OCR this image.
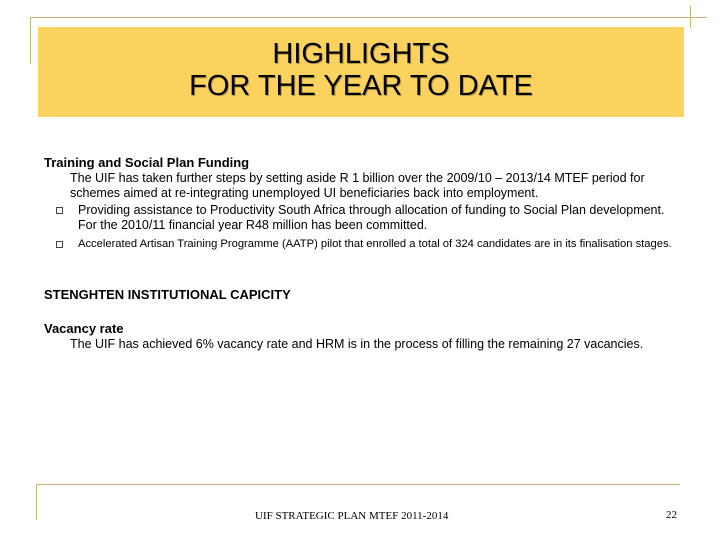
HIGHLIGHTS
FOR THE YEAR TO DATE
Training and Social Plan Funding
The UIF has taken further steps by setting aside R 1 billion over the 2009/10 – 2013/14 MTEF period for schemes aimed at re-integrating unemployed UI beneficiaries back into employment.
Providing assistance to Productivity South Africa through allocation of funding to Social Plan development. For the 2010/11 financial year R48 million has been committed.
Accelerated Artisan Training Programme (AATP) pilot that enrolled a total of 324 candidates are in its finalisation stages.
STENGHTEN INSTITUTIONAL CAPICITY
Vacancy rate
The UIF has achieved 6% vacancy rate and HRM is in the process of filling the remaining 27 vacancies.
UIF STRATEGIC PLAN MTEF 2011-2014	22
